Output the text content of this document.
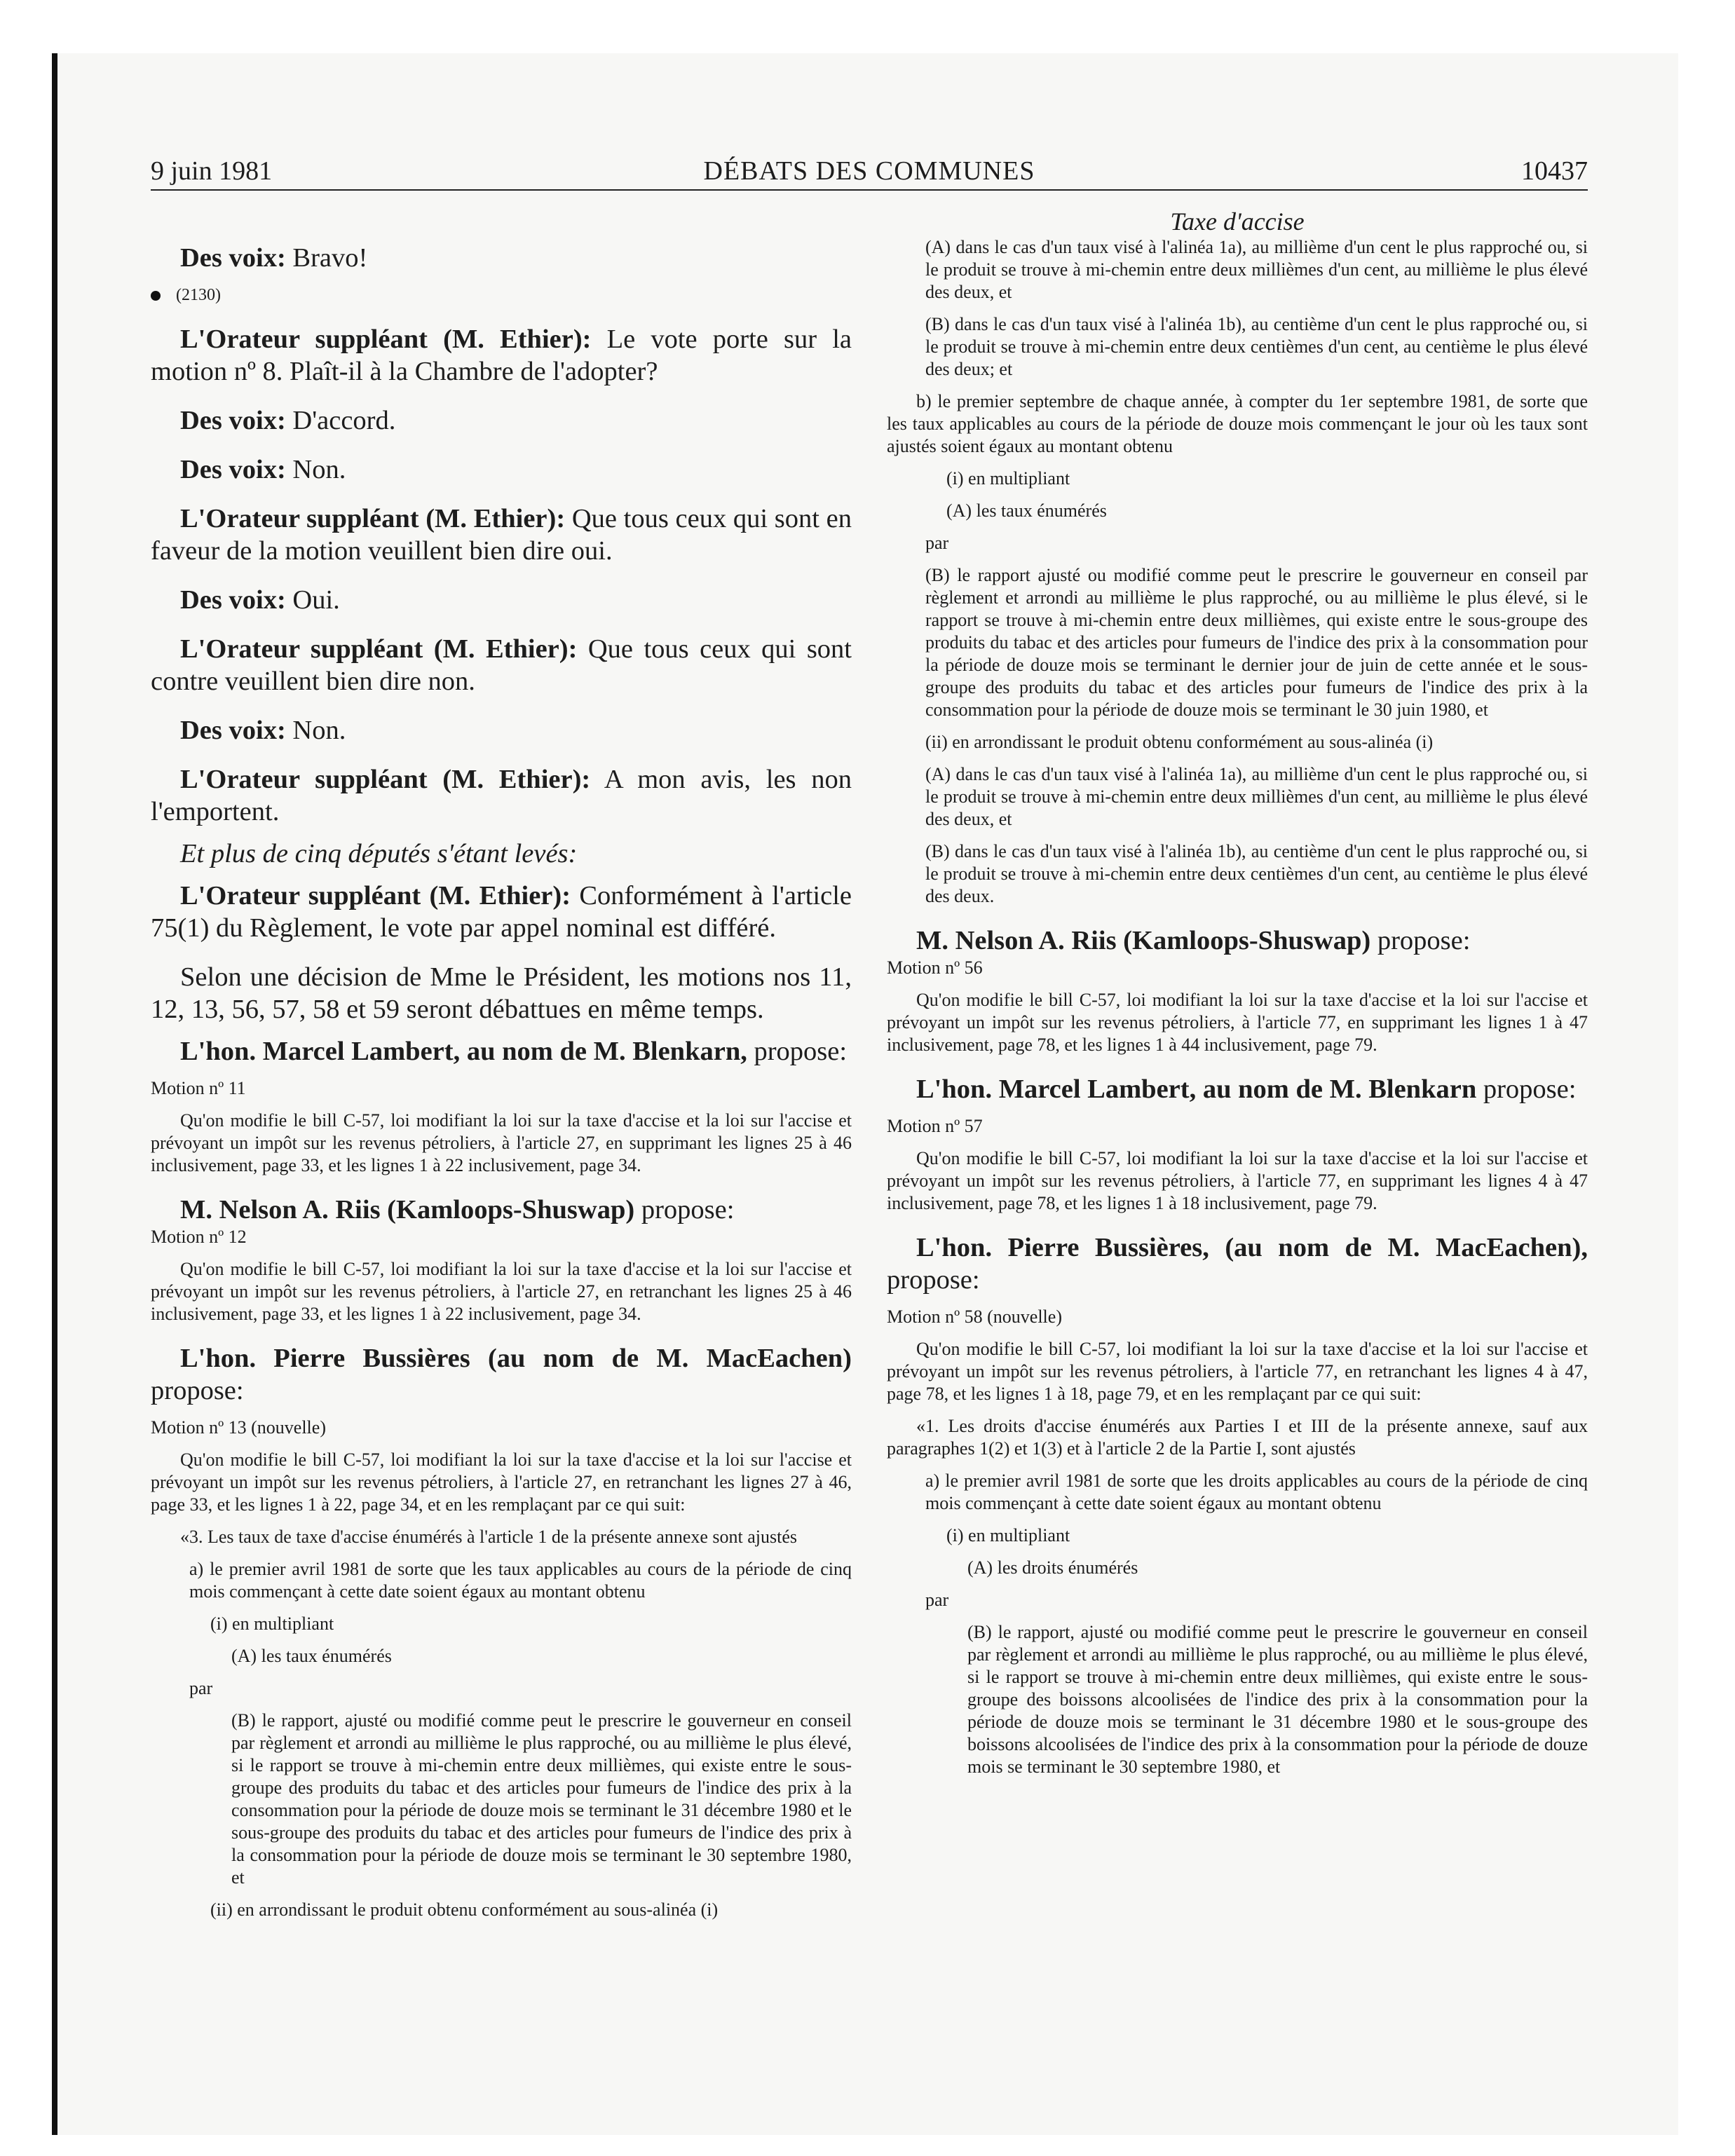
9 juin 1981	DÉBATS DES COMMUNES	10437

Des voix: Bravo!

(2130)

L'Orateur suppléant (M. Ethier): Le vote porte sur la motion nº 8. Plaît-il à la Chambre de l'adopter?

Des voix: D'accord.

Des voix: Non.

L'Orateur suppléant (M. Ethier): Que tous ceux qui sont en faveur de la motion veuillent bien dire oui.

Des voix: Oui.

L'Orateur suppléant (M. Ethier): Que tous ceux qui sont contre veuillent bien dire non.

Des voix: Non.

L'Orateur suppléant (M. Ethier): A mon avis, les non l'emportent.

Et plus de cinq députés s'étant levés:

L'Orateur suppléant (M. Ethier): Conformément à l'article 75(1) du Règlement, le vote par appel nominal est différé.

Selon une décision de Mme le Président, les motions nos 11, 12, 13, 56, 57, 58 et 59 seront débattues en même temps.

L'hon. Marcel Lambert, au nom de M. Blenkarn, propose:

Motion nº 11

Qu'on modifie le bill C-57, loi modifiant la loi sur la taxe d'accise et la loi sur l'accise et prévoyant un impôt sur les revenus pétroliers, à l'article 27, en supprimant les lignes 25 à 46 inclusivement, page 33, et les lignes 1 à 22 inclusivement, page 34.

M. Nelson A. Riis (Kamloops-Shuswap) propose:

Motion nº 12

Qu'on modifie le bill C-57, loi modifiant la loi sur la taxe d'accise et la loi sur l'accise et prévoyant un impôt sur les revenus pétroliers, à l'article 27, en retranchant les lignes 25 à 46 inclusivement, page 33, et les lignes 1 à 22 inclusivement, page 34.

L'hon. Pierre Bussières (au nom de M. MacEachen) propose:

Motion nº 13 (nouvelle)

Qu'on modifie le bill C-57, loi modifiant la loi sur la taxe d'accise et la loi sur l'accise et prévoyant un impôt sur les revenus pétroliers, à l'article 27, en retranchant les lignes 27 à 46, page 33, et les lignes 1 à 22, page 34, et en les remplaçant par ce qui suit:

«3. Les taux de taxe d'accise énumérés à l'article 1 de la présente annexe sont ajustés

a) le premier avril 1981 de sorte que les taux applicables au cours de la période de cinq mois commençant à cette date soient égaux au montant obtenu

(i) en multipliant

(A) les taux énumérés

par

(B) le rapport, ajusté ou modifié comme peut le prescrire le gouverneur en conseil par règlement et arrondi au millième le plus rapproché, ou au millième le plus élevé, si le rapport se trouve à mi-chemin entre deux millièmes, qui existe entre le sous-groupe des produits du tabac et des articles pour fumeurs de l'indice des prix à la consommation pour la période de douze mois se terminant le 31 décembre 1980 et le sous-groupe des produits du tabac et des articles pour fumeurs de l'indice des prix à la consommation pour la période de douze mois se terminant le 30 septembre 1980, et

(ii) en arrondissant le produit obtenu conformément au sous-alinéa (i)

Taxe d'accise

(A) dans le cas d'un taux visé à l'alinéa 1a), au millième d'un cent le plus rapproché ou, si le produit se trouve à mi-chemin entre deux millièmes d'un cent, au millième le plus élevé des deux, et

(B) dans le cas d'un taux visé à l'alinéa 1b), au centième d'un cent le plus rapproché ou, si le produit se trouve à mi-chemin entre deux centièmes d'un cent, au centième le plus élevé des deux; et

b) le premier septembre de chaque année, à compter du 1er septembre 1981, de sorte que les taux applicables au cours de la période de douze mois commençant le jour où les taux sont ajustés soient égaux au montant obtenu

(i) en multipliant

(A) les taux énumérés

par

(B) le rapport ajusté ou modifié comme peut le prescrire le gouverneur en conseil par règlement et arrondi au millième le plus rapproché, ou au millième le plus élevé, si le rapport se trouve à mi-chemin entre deux millièmes, qui existe entre le sous-groupe des produits du tabac et des articles pour fumeurs de l'indice des prix à la consommation pour la période de douze mois se terminant le dernier jour de juin de cette année et le sous-groupe des produits du tabac et des articles pour fumeurs de l'indice des prix à la consommation pour la période de douze mois se terminant le 30 juin 1980, et

(ii) en arrondissant le produit obtenu conformément au sous-alinéa (i)

(A) dans le cas d'un taux visé à l'alinéa 1a), au millième d'un cent le plus rapproché ou, si le produit se trouve à mi-chemin entre deux millièmes d'un cent, au millième le plus élevé des deux, et

(B) dans le cas d'un taux visé à l'alinéa 1b), au centième d'un cent le plus rapproché ou, si le produit se trouve à mi-chemin entre deux centièmes d'un cent, au centième le plus élevé des deux.

M. Nelson A. Riis (Kamloops-Shuswap) propose:

Motion nº 56

Qu'on modifie le bill C-57, loi modifiant la loi sur la taxe d'accise et la loi sur l'accise et prévoyant un impôt sur les revenus pétroliers, à l'article 77, en supprimant les lignes 1 à 47 inclusivement, page 78, et les lignes 1 à 44 inclusivement, page 79.

L'hon. Marcel Lambert, au nom de M. Blenkarn propose:

Motion nº 57

Qu'on modifie le bill C-57, loi modifiant la loi sur la taxe d'accise et la loi sur l'accise et prévoyant un impôt sur les revenus pétroliers, à l'article 77, en supprimant les lignes 4 à 47 inclusivement, page 78, et les lignes 1 à 18 inclusivement, page 79.

L'hon. Pierre Bussières, (au nom de M. MacEachen), propose:

Motion nº 58 (nouvelle)

Qu'on modifie le bill C-57, loi modifiant la loi sur la taxe d'accise et la loi sur l'accise et prévoyant un impôt sur les revenus pétroliers, à l'article 77, en retranchant les lignes 4 à 47, page 78, et les lignes 1 à 18, page 79, et en les remplaçant par ce qui suit:

«1. Les droits d'accise énumérés aux Parties I et III de la présente annexe, sauf aux paragraphes 1(2) et 1(3) et à l'article 2 de la Partie I, sont ajustés

a) le premier avril 1981 de sorte que les droits applicables au cours de la période de cinq mois commençant à cette date soient égaux au montant obtenu

(i) en multipliant

(A) les droits énumérés

par

(B) le rapport, ajusté ou modifié comme peut le prescrire le gouverneur en conseil par règlement et arrondi au millième le plus rapproché, ou au millième le plus élevé, si le rapport se trouve à mi-chemin entre deux millièmes, qui existe entre le sous-groupe des boissons alcoolisées de l'indice des prix à la consommation pour la période de douze mois se terminant le 31 décembre 1980 et le sous-groupe des boissons alcoolisées de l'indice des prix à la consommation pour la période de douze mois se terminant le 30 septembre 1980, et
